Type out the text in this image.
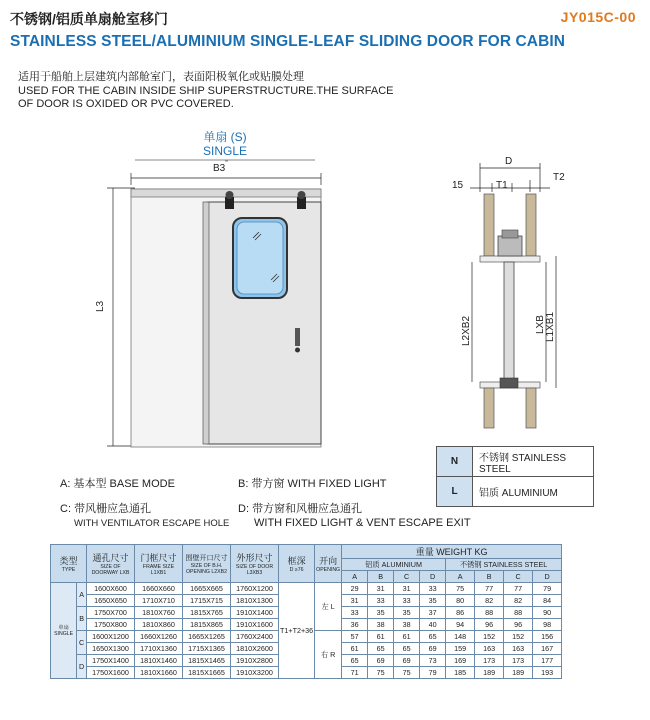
不锈钢/铝质单扇舱室移门	JY015C-00
STAINLESS STEEL/ALUMINIUM SINGLE-LEAF SLIDING DOOR FOR CABIN
适用于船舶上层建筑内部舱室门，表面阳极氧化或贴膜处理
USED FOR THE CABIN INSIDE SHIP SUPERSTRUCTURE.THE SURFACE
OF DOOR IS OXIDED OR PVC COVERED.
单扇 (S)
SINGLE
B3
L3
D
15	T1
T2
L2XB2	LXB L1XB1
N	不锈钢 STAINLESS STEEL
L	铝质 ALUMINIUM
A: 基本型 BASE MODE	B: 带方窗 WITH FIXED LIGHT
C: 带风栅应急通孔
WITH VENTILATOR ESCAPE HOLE
D: 带方窗和风栅应急通孔
WITH FIXED LIGHT & VENT ESCAPE EXIT
类型
TYPE		通孔尺寸
SIZE OF DOORWAY LXB	门框尺寸
FRAME SIZE L1XB1	围壁开口尺寸
SIZE OF B.H. OPENING L2XB2	外形尺寸
SIZE OF DOOR L3XB3	框深
D ≥76	开向
OPENING	重量 WEIGHT KG							
								铝质 ALUMINIUM				不锈钢 STAINLESS STEEL			
								A	B	C	D	A	B	C	D

单扇
SINGLE	A	1600X600	1660X660	1665X665	1760X1200	T1+T2+36	左 L	29	31	31	33	75	77	77	79
		1650X650	1710X710	1715X715	1810X1300			31	33	33	35	80	82	82	84
	B	1750X700	1810X760	1815X765	1910X1400			33	35	35	37	86	88	88	90
		1750X800	1810X860	1815X865	1910X1600			36	38	38	40	94	96	96	98
	C	1600X1200	1660X1260	1665X1265	1760X2400		右 R	57	61	61	65	148	152	152	156
		1650X1300	1710X1360	1715X1365	1810X2600			61	65	65	69	159	163	163	167
	D	1750X1400	1810X1460	1815X1465	1910X2800			65	69	69	73	169	173	173	177
		1750X1600	1810X1660	1815X1665	1910X3200			71	75	75	79	185	189	189	193
